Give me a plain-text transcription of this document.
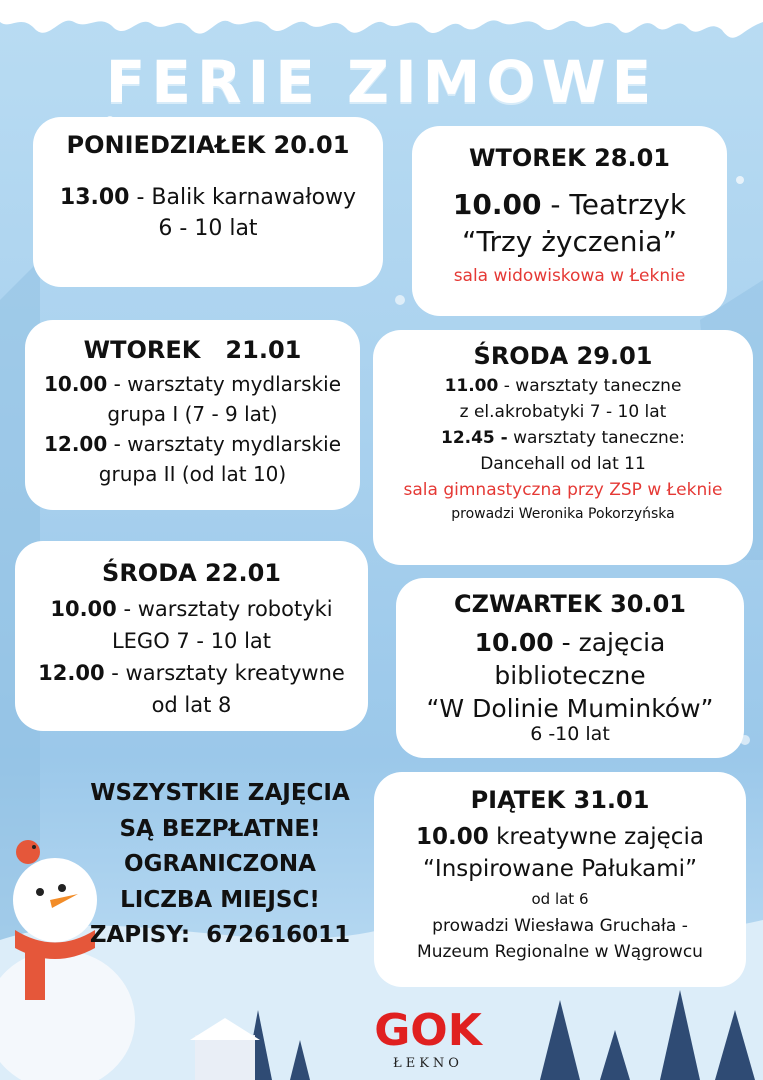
FERIE ZIMOWE
PONIEDZIAŁEK 20.01
13.00 - Balik karnawałowy
6 - 10 lat
WTOREK 28.01
10.00 - Teatrzyk
“Trzy życzenia”
sala widowiskowa w Łeknie
WTOREK   21.01
10.00 - warsztaty mydlarskie
grupa I (7 - 9 lat)
12.00 - warsztaty mydlarskie
grupa II (od lat 10)
ŚRODA 29.01
11.00 - warsztaty taneczne
z el.akrobatyki 7 - 10 lat
12.45 - warsztaty taneczne:
Dancehall od lat 11
sala gimnastyczna przy ZSP w Łeknie
prowadzi Weronika Pokorzyńska
ŚRODA 22.01
10.00 - warsztaty robotyki
LEGO 7 - 10 lat
12.00 - warsztaty kreatywne
od lat 8
CZWARTEK 30.01
10.00 - zajęcia
biblioteczne
“W Dolinie Muminków”
6 -10 lat
PIĄTEK 31.01
10.00 kreatywne zajęcia
“Inspirowane Pałukami”
od lat 6
prowadzi Wiesława Gruchała -
Muzeum Regionalne w Wągrowcu
WSZYSTKIE ZAJĘCIA
SĄ BEZPŁATNE!
OGRANICZONA
LICZBA MIEJSC!
ZAPISY:  672616011
GOK
ŁEKNO
